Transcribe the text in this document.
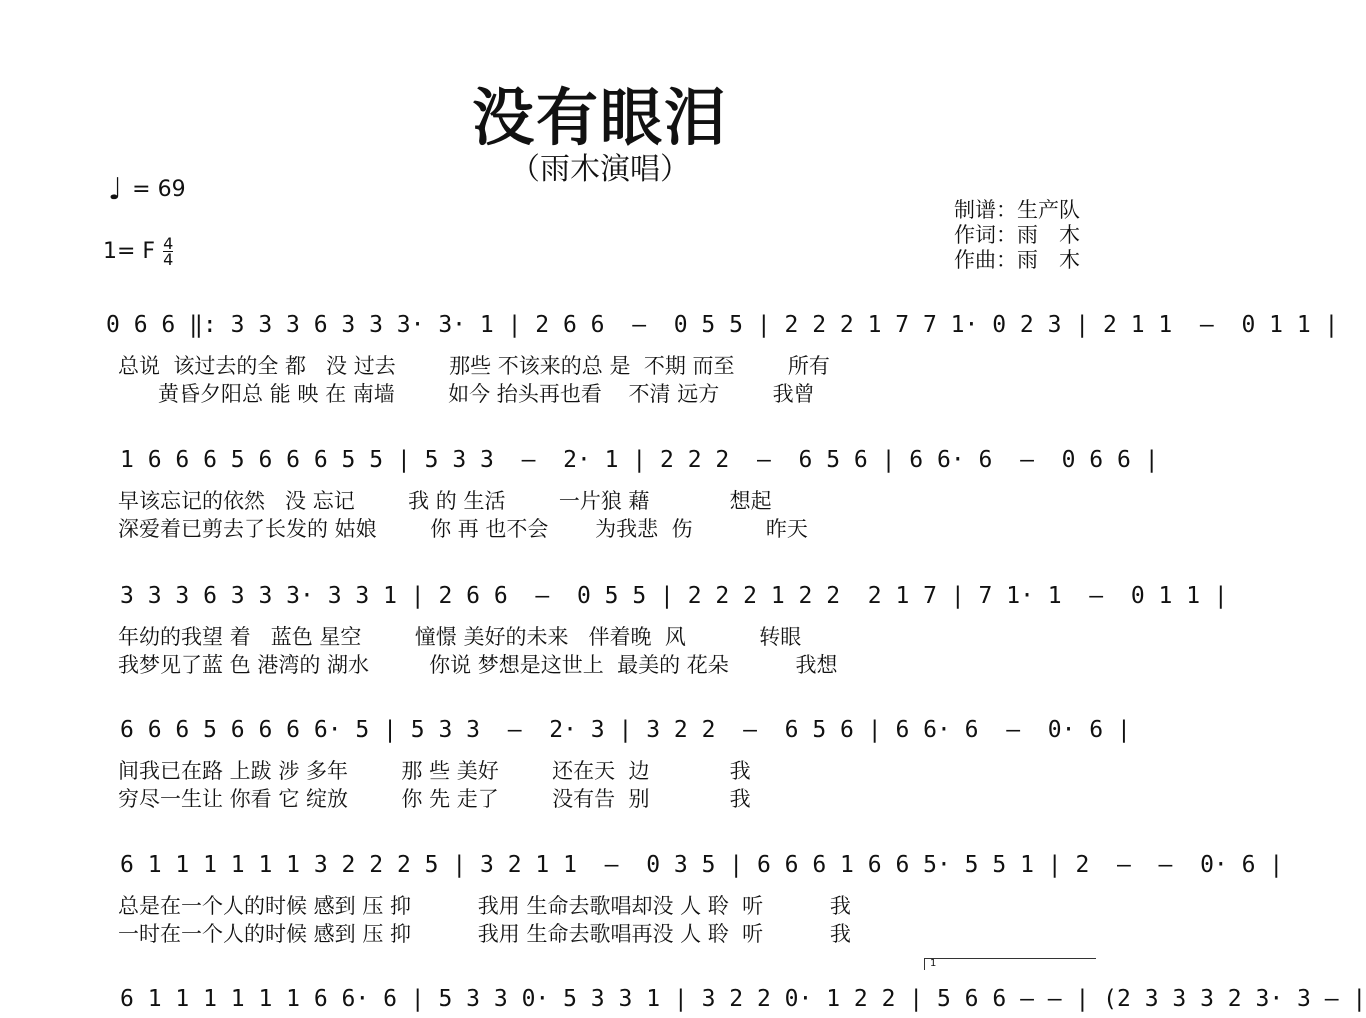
没有眼泪
（雨木演唱）
♩ = 69
1= F 4
4
制谱：生产队
作词：雨　木
作曲：雨　木
0 6 6 ‖: 3 3 3 6 3 3 3· 3· 1 | 2 6 6  –  0 5 5 | 2 2 2 1 7 7 1· 0 2 3 | 2 1 1  –  0 1 1 |
总说  该过去的全 都   没 过去        那些 不该来的总 是  不期 而至        所有
黄昏夕阳总 能 映 在 南墙        如今 抬头再也看    不清 远方        我曾
1 6 6 6 5 6 6 6 5 5 | 5 3 3  –  2· 1 | 2 2 2  –  6 5 6 | 6 6· 6  –  0 6 6 |
早该忘记的依然   没 忘记        我 的 生活        一片狼 藉            想起
深爱着已剪去了长发的 姑娘        你 再 也不会       为我悲  伤           昨天
3 3 3 6 3 3 3· 3 3 1 | 2 6 6  –  0 5 5 | 2 2 2 1 2 2  2 1 7 | 7 1· 1  –  0 1 1 |
年幼的我望 着   蓝色 星空        憧憬 美好的未来   伴着晚  风           转眼
我梦见了蓝 色 港湾的 湖水         你说 梦想是这世上  最美的 花朵          我想
6 6 6 5 6 6 6 6· 5 | 5 3 3  –  2· 3 | 3 2 2  –  6 5 6 | 6 6· 6  –  0· 6 |
间我已在路 上跋 涉 多年        那 些 美好        还在天  边            我
穷尽一生让 你看 它 绽放        你 先 走了        没有告  别            我
6 1 1 1 1 1 1 3 2 2 2 5 | 3 2 1 1  –  0 3 5 | 6 6 6 1 6 6 5· 5 5 1 | 2  –  –  0· 6 |
总是在一个人的时候 感到 压 抑          我用 生命去歌唱却没 人 聆  听          我
一时在一个人的时候 感到 压 抑          我用 生命去歌唱再没 人 聆  听          我
1
6 1 1 1 1 1 1 6 6· 6 | 5 3 3 0· 5 3 3 1 | 3 2 2 0· 1 2 2 | 5 6 6 – – | (2 3 3 3 2 3· 3 – |
